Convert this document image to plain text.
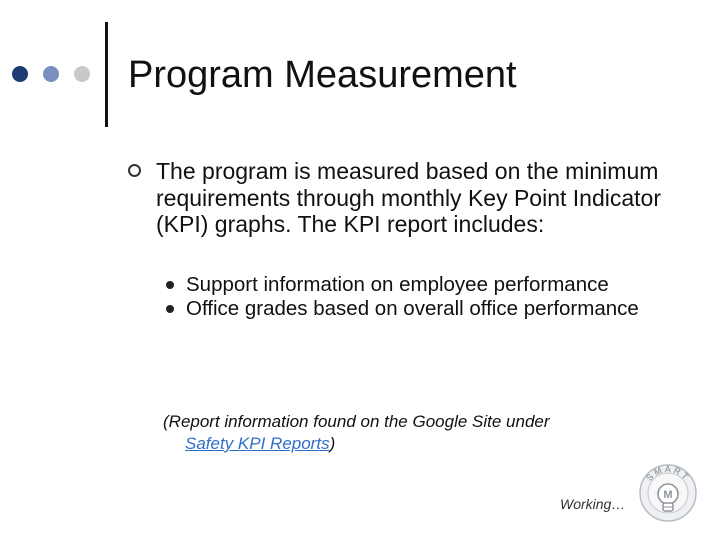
Program Measurement
The program is measured based on the minimum requirements through monthly Key Point Indicator (KPI) graphs. The KPI report includes:

Support information on employee performance

Office grades based on overall office performance

(Report information found on the Google Site under
Safety KPI Reports)
Working…
SMART
M
